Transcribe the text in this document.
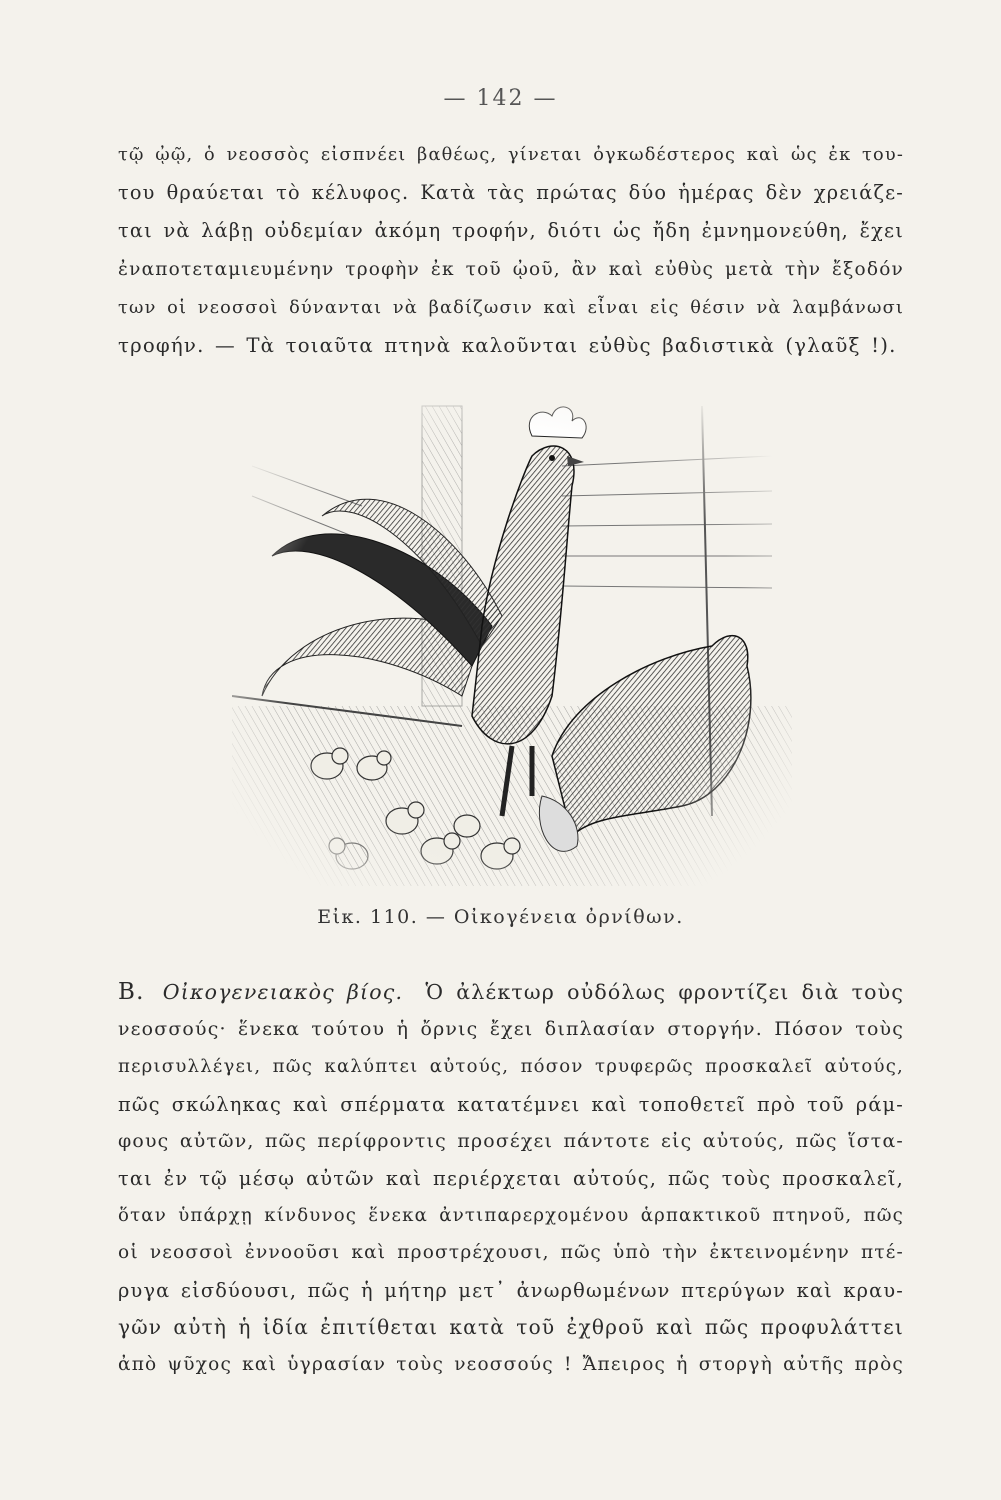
— 142 —
τῷ ᾠῷ, ὁ νεοσσὸς εἰσπνέει βαθέως, γίνεται ὀγκωδέστερος καὶ ὡς ἐκ του-
του θραύεται τὸ κέλυφος. Κατὰ τὰς πρώτας δύο ἡμέρας δὲν χρειάζε-
ται νὰ λάβῃ οὐδεμίαν ἀκόμη τροφήν, διότι ὡς ἤδη ἐμνημονεύθη, ἔχει
ἐναποτεταμιευμένην τροφὴν ἐκ τοῦ ᾠοῦ, ἂν καὶ εὐθὺς μετὰ τὴν ἔξοδόν
των οἱ νεοσσοὶ δύνανται νὰ βαδίζωσιν καὶ εἶναι εἰς θέσιν νὰ λαμβάνωσι
τροφήν. — Τὰ τοιαῦτα πτηνὰ καλοῦνται εὐθὺς βαδιστικὰ (γλαῦξ !).
Εἰκ. 110. — Οἰκογένεια ὀρνίθων.
Β. Οἰκογενειακὸς βίος. Ὁ ἀλέκτωρ οὐδόλως φροντίζει διὰ τοὺς
νεοσσούς· ἕνεκα τούτου ἡ ὄρνις ἔχει διπλασίαν στοργήν. Πόσον τοὺς
περισυλλέγει, πῶς καλύπτει αὐτούς, πόσον τρυφερῶς προσκαλεῖ αὐτούς,
πῶς σκώληκας καὶ σπέρματα κατατέμνει καὶ τοποθετεῖ πρὸ τοῦ ράμ-
φους αὐτῶν, πῶς περίφροντις προσέχει πάντοτε εἰς αὐτούς, πῶς ἵστα-
ται ἐν τῷ μέσῳ αὐτῶν καὶ περιέρχεται αὐτούς, πῶς τοὺς προσκαλεῖ,
ὅταν ὑπάρχῃ κίνδυνος ἕνεκα ἀντιπαρερχομένου ἁρπακτικοῦ πτηνοῦ, πῶς
οἱ νεοσσοὶ ἐννοοῦσι καὶ προστρέχουσι, πῶς ὑπὸ τὴν ἐκτεινομένην πτέ-
ρυγα εἰσδύουσι, πῶς ἡ μήτηρ μετ᾽ ἀνωρθωμένων πτερύγων καὶ κραυ-
γῶν αὐτὴ ἡ ἰδία ἐπιτίθεται κατὰ τοῦ ἐχθροῦ καὶ πῶς προφυλάττει
ἀπὸ ψῦχος καὶ ὑγρασίαν τοὺς νεοσσούς ! Ἄπειρος ἡ στοργὴ αὐτῆς πρὸς
